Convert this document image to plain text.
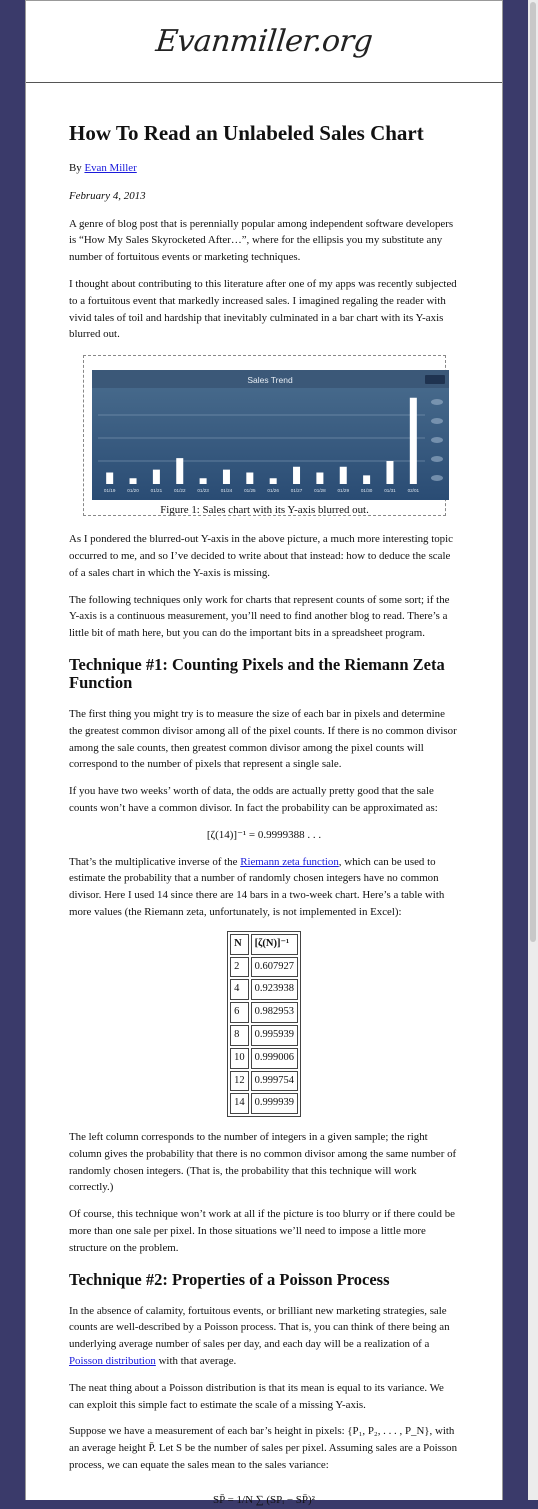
Evanmiller.org
How To Read an Unlabeled Sales Chart

By Evan Miller

February 4, 2013

A genre of blog post that is perennially popular among independent software developers is “How My Sales Skyrocketed After…”, where for the ellipsis you my substitute any number of fortuitous events or marketing techniques.

I thought about contributing to this literature after one of my apps was recently subjected to a fortuitous event that markedly increased sales. I imagined regaling the reader with vivid tales of toil and hardship that inevitably culminated in a bar chart with its Y-axis blurred out.

Sales Trend
01/19	01/20	01/21	01/22	01/23	01/24	01/25	01/26	01/27	01/28	01/29	01/30	01/31	02/01
Figure 1: Sales chart with its Y-axis blurred out.

As I pondered the blurred-out Y-axis in the above picture, a much more interesting topic occurred to me, and so I’ve decided to write about that instead: how to deduce the scale of a sales chart in which the Y-axis is missing.

The following techniques only work for charts that represent counts of some sort; if the Y-axis is a continuous measurement, you’ll need to find another blog to read. There’s a little bit of math here, but you can do the important bits in a spreadsheet program.

Technique #1: Counting Pixels and the Riemann Zeta Function

The first thing you might try is to measure the size of each bar in pixels and determine the greatest common divisor among all of the pixel counts. If there is no common divisor among the sale counts, then greatest common divisor among the pixel counts will correspond to the number of pixels that represent a single sale.

If you have two weeks’ worth of data, the odds are actually pretty good that the sale counts won’t have a common divisor. In fact the probability can be approximated as:

[ζ(14)]⁻¹ = 0.9999388 . . .

That’s the multiplicative inverse of the Riemann zeta function, which can be used to estimate the probability that a number of randomly chosen integers have no common divisor. Here I used 14 since there are 14 bars in a two-week chart. Here’s a table with more values (the Riemann zeta, unfortunately, is not implemented in Excel):

N	[ζ(N)]⁻¹
2	0.607927
4	0.923938
6	0.982953
8	0.995939
10	0.999006
12	0.999754
14	0.999939

The left column corresponds to the number of integers in a given sample; the right column gives the probability that there is no common divisor among the same number of randomly chosen integers. (That is, the probability that this technique will work correctly.)

Of course, this technique won’t work at all if the picture is too blurry or if there could be more than one sale per pixel. In those situations we’ll need to impose a little more structure on the problem.

Technique #2: Properties of a Poisson Process

In the absence of calamity, fortuitous events, or brilliant new marketing strategies, sale counts are well-described by a Poisson process. That is, you can think of there being an underlying average number of sales per day, and each day will be a realization of a Poisson distribution with that average.

The neat thing about a Poisson distribution is that its mean is equal to its variance. We can exploit this simple fact to estimate the scale of a missing Y-axis.

Suppose we have a measurement of each bar’s height in pixels: {P₁, P₂, . . . , P_N}, with an average height P̄. Let S be the number of sales per pixel. Assuming sales are a Poisson process, we can equate the sales mean to the sales variance:

SP̄ = 1/N ∑ (SPᵢ − SP̄)²
